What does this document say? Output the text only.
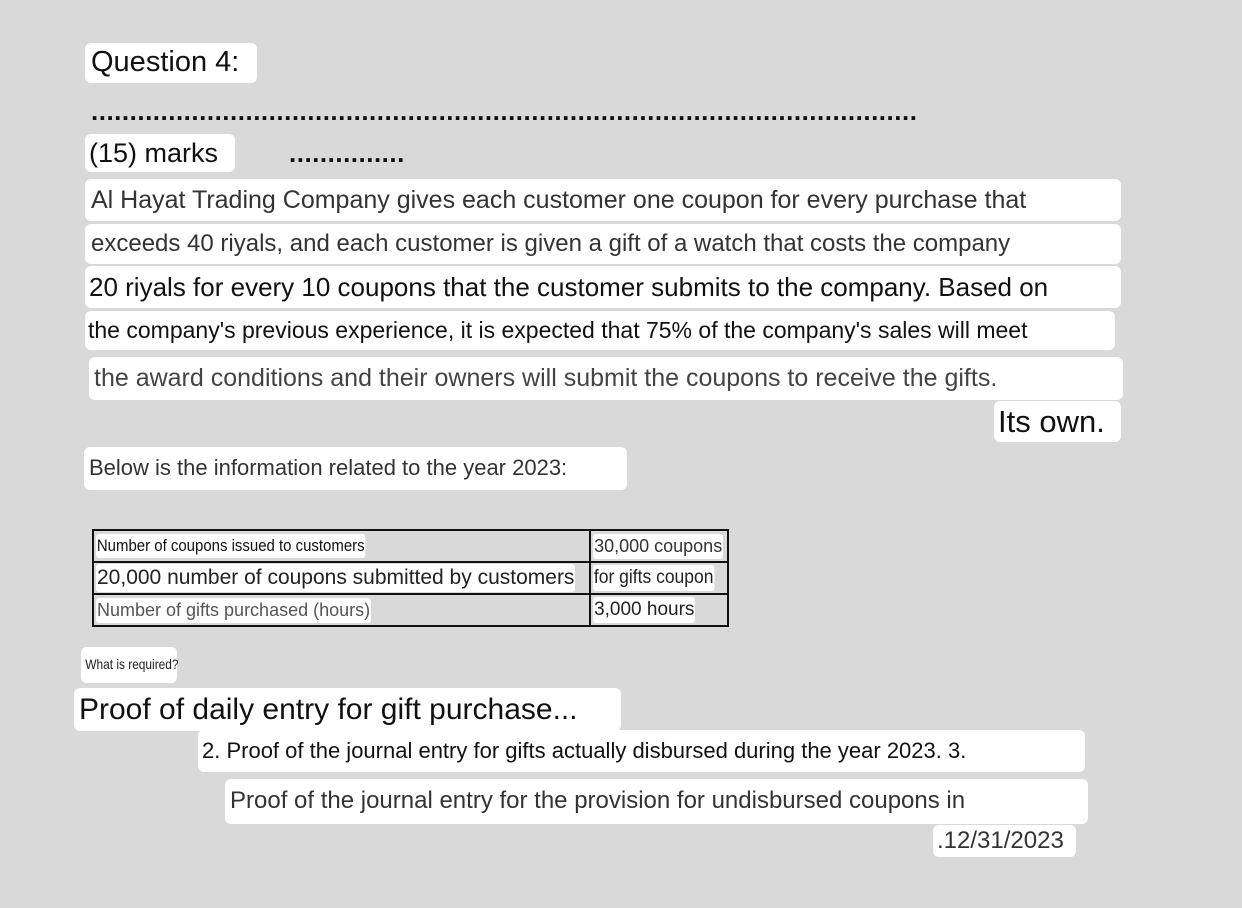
Question 4:
...........................................................................................................
(15) marks	...............
Al Hayat Trading Company gives each customer one coupon for every purchase that
exceeds 40 riyals, and each customer is given a gift of a watch that costs the company
20 riyals for every 10 coupons that the customer submits to the company. Based on
the company's previous experience, it is expected that 75% of the company's sales will meet
the award conditions and their owners will submit the coupons to receive the gifts.
Its own.
Below is the information related to the year 2023:
Number of coupons issued to customers	30,000 coupons
20,000 number of coupons submitted by customers	for gifts coupon
Number of gifts purchased (hours)	3,000 hours
What is required?
Proof of daily entry for gift purchase...
2. Proof of the journal entry for gifts actually disbursed during the year 2023. 3.
Proof of the journal entry for the provision for undisbursed coupons in
.12/31/2023
